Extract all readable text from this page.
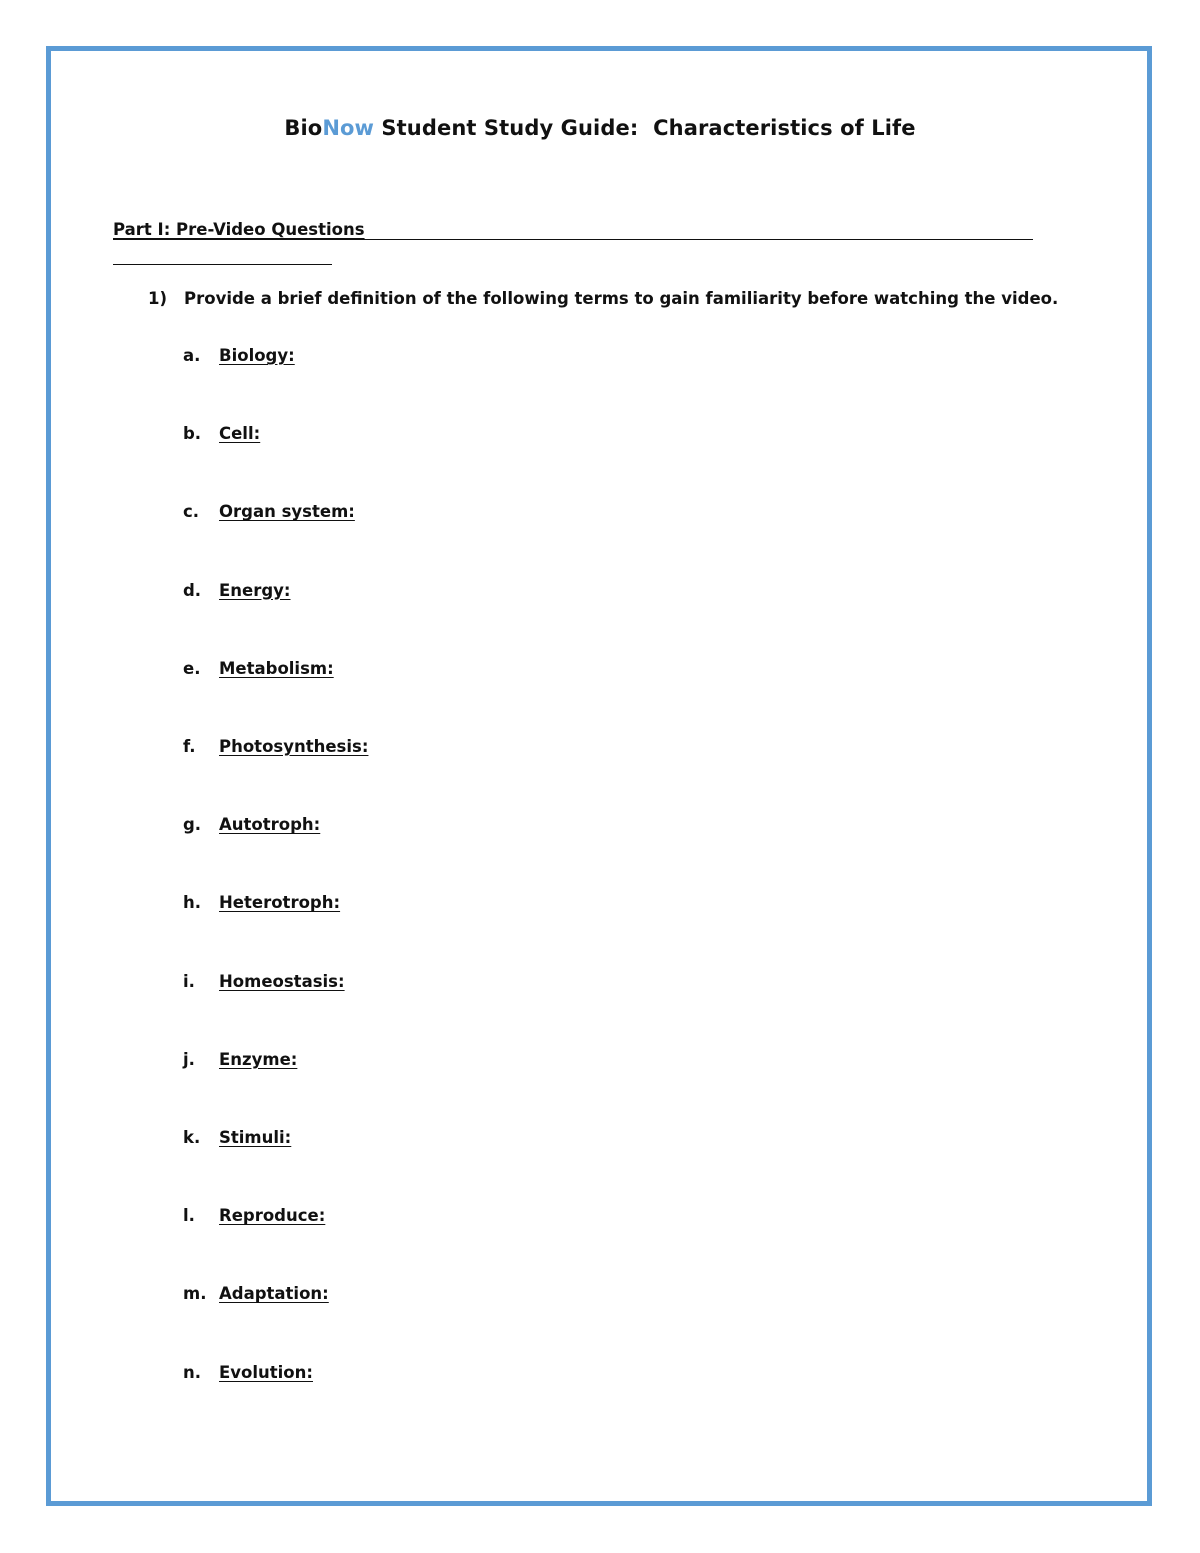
BioNow Student Study Guide:  Characteristics of Life
Part I: Pre-Video Questions
1) Provide a brief definition of the following terms to gain familiarity before watching the video.
a. Biology:
b. Cell:
c. Organ system:
d. Energy:
e. Metabolism:
f. Photosynthesis:
g. Autotroph:
h. Heterotroph:
i. Homeostasis:
j. Enzyme:
k. Stimuli:
l. Reproduce:
m. Adaptation:
n. Evolution:
